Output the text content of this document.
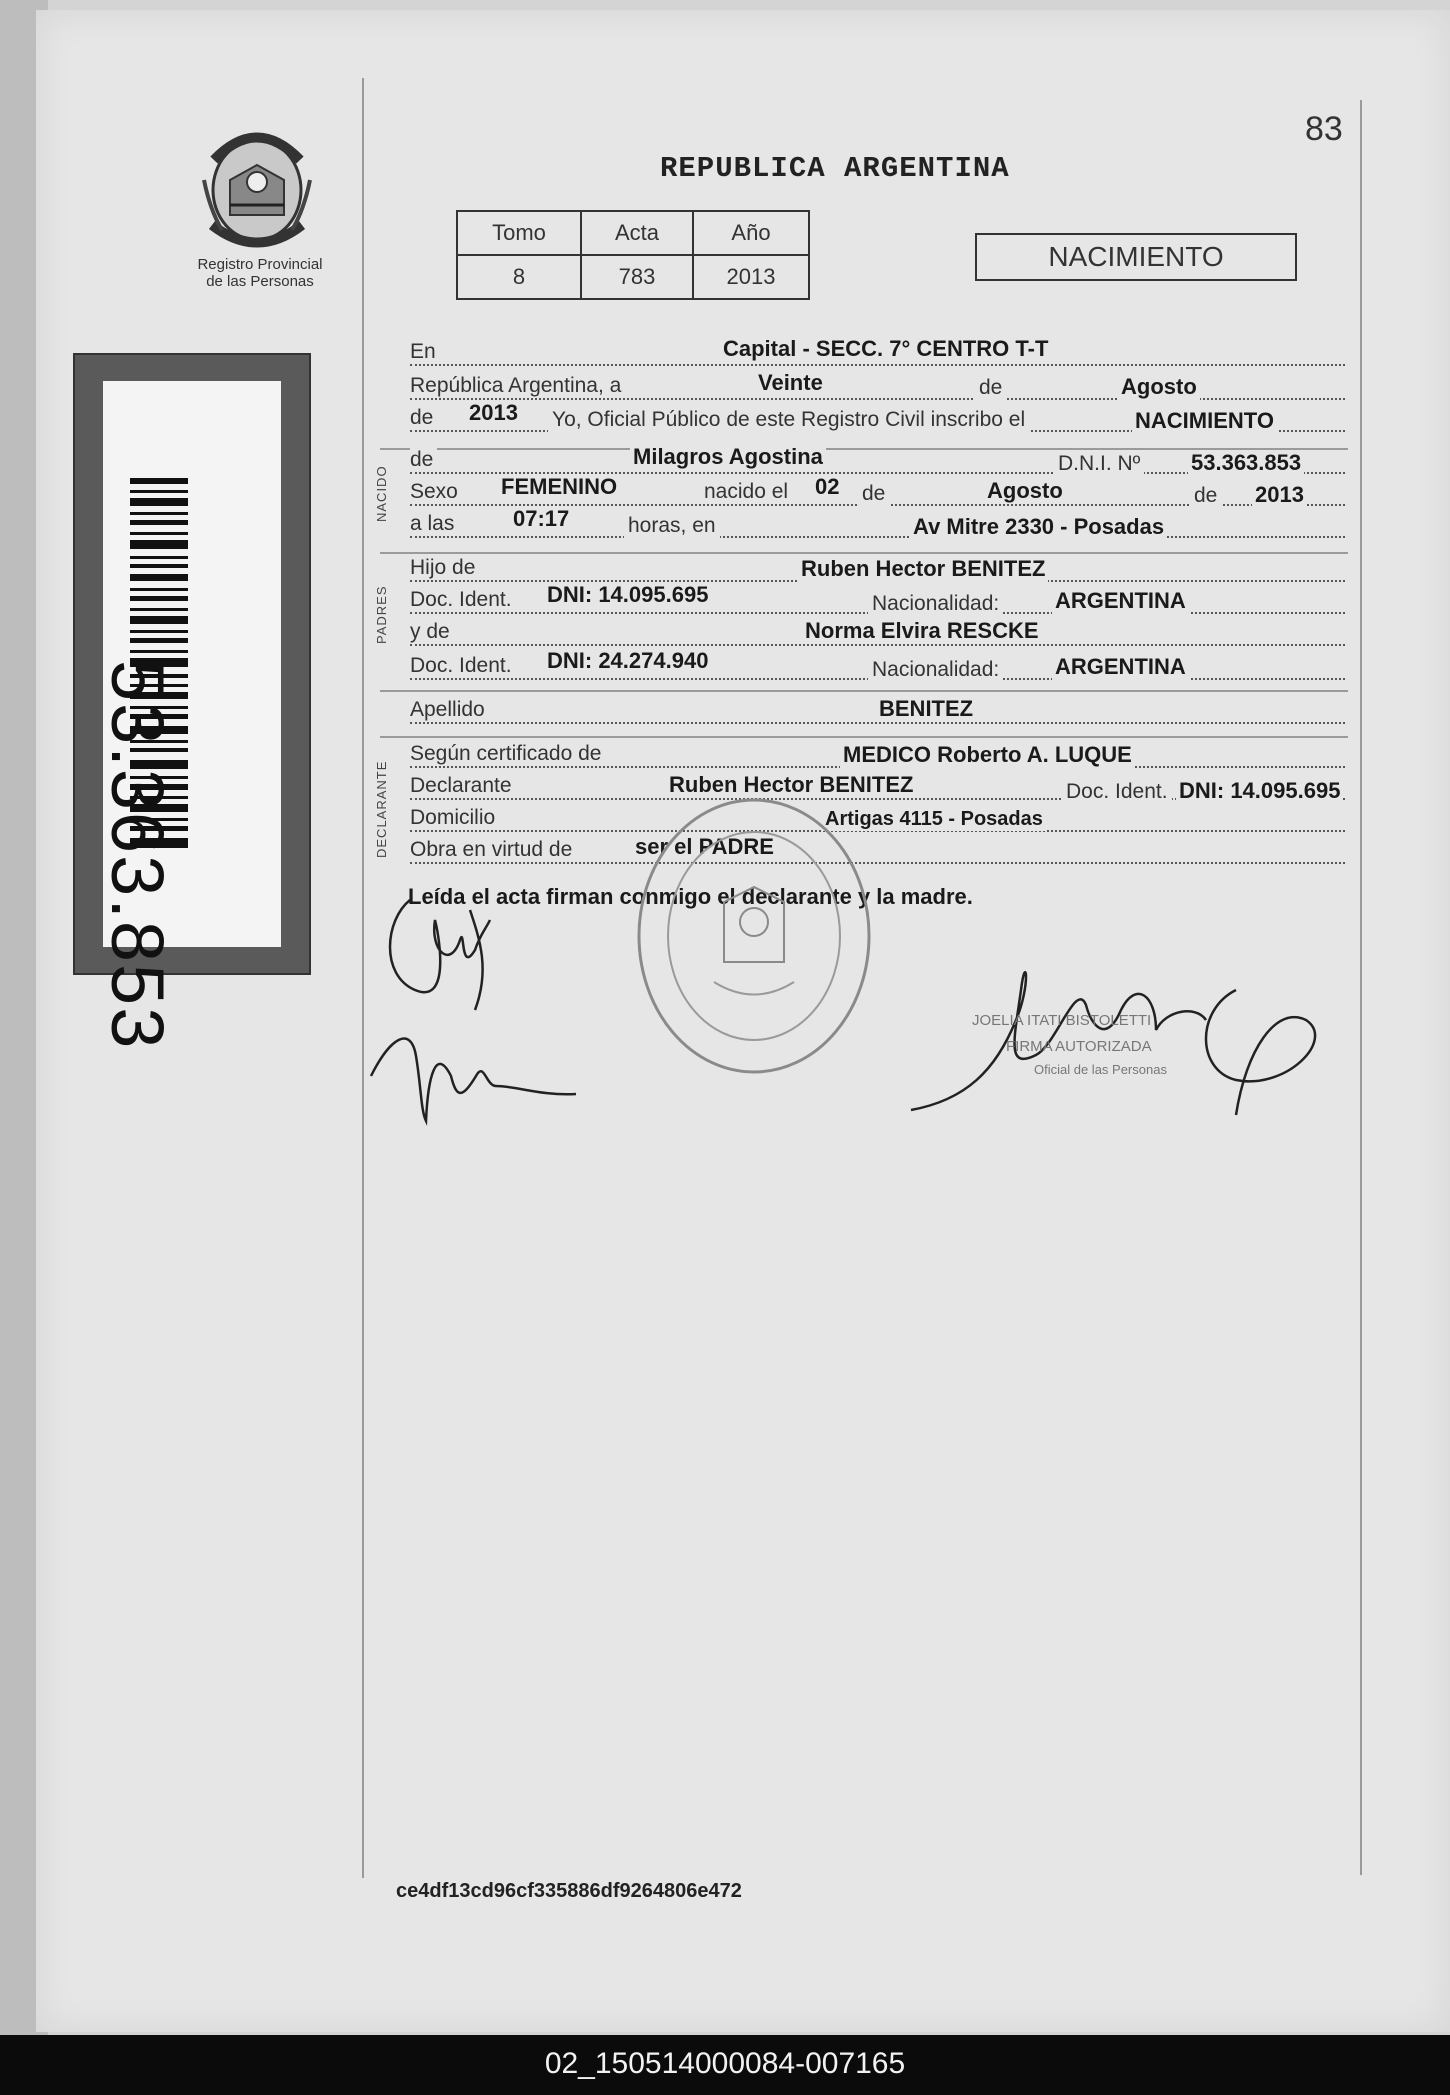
83
REPUBLICA ARGENTINA
Tomo	Acta	Año
8	783	2013
NACIMIENTO
Registro Provincial
de las Personas
53.363.853
NACIDO
PADRES
DECLARANTE
En	Capital - SECC. 7° CENTRO T-T
República Argentina, a	Veinte	de	Agosto
de 2013 Yo, Oficial Público de este Registro Civil inscribo el	NACIMIENTO
de	Milagros Agostina	D.N.I. Nº 53.363.853
Sexo FEMENINO	nacido el 02 de	Agosto	de 2013
a las	07:17	horas, en	Av Mitre 2330 - Posadas
Hijo de	Ruben Hector BENITEZ
Doc. Ident. DNI: 14.095.695	Nacionalidad:	ARGENTINA
y de	Norma Elvira RESCKE
Doc. Ident. DNI: 24.274.940	Nacionalidad:	ARGENTINA
Apellido	BENITEZ
Según certificado de	MEDICO Roberto A. LUQUE
Declarante	Ruben Hector BENITEZ	Doc. Ident. DNI: 14.095.695
Domicilio	Artigas 4115 - Posadas
Obra en virtud de	ser el PADRE
Leída el acta firman conmigo el declarante y la madre.
JOELIA ITATI BISTOLETTI
FIRMA AUTORIZADA
Oficial de las Personas
ce4df13cd96cf335886df9264806e472
02_150514000084-007165
